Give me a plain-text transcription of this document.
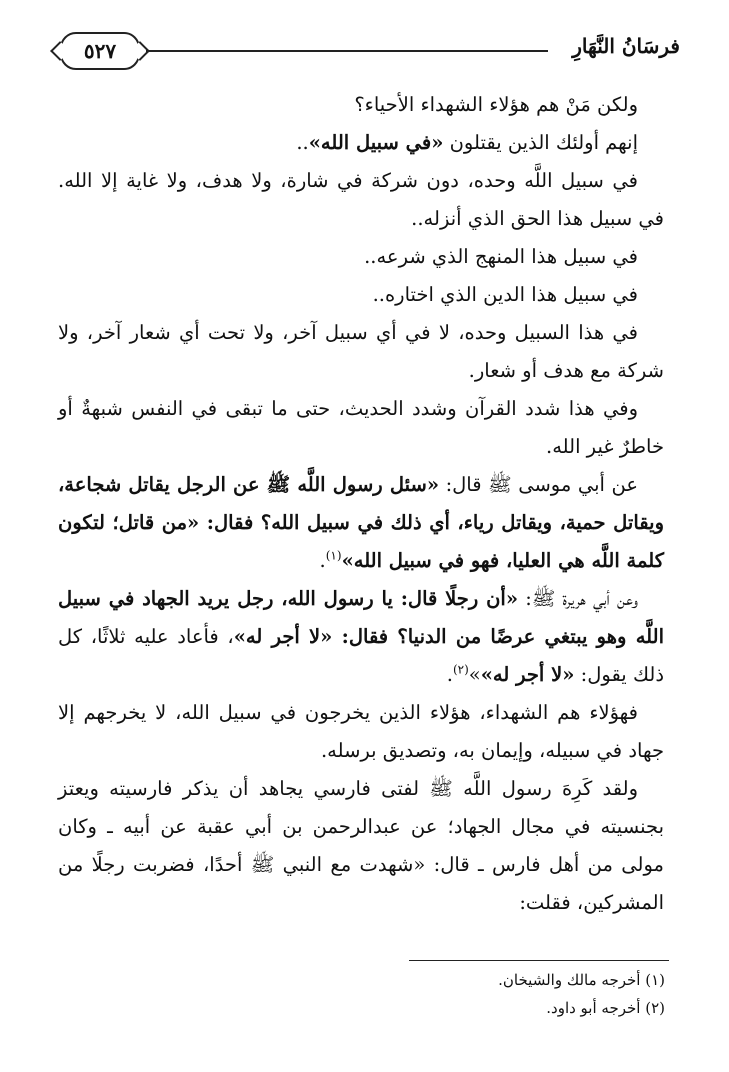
٥٢٧	فرسَانُ النَّهَارِ

ولكن مَنْ هم هؤلاء الشهداء الأحياء؟

إنهم أولئك الذين يقتلون «في سبيل الله»..

في سبيل اللَّه وحده، دون شركة في شارة، ولا هدف، ولا غاية إلا الله. في سبيل هذا الحق الذي أنزله..

في سبيل هذا المنهج الذي شرعه..

في سبيل هذا الدين الذي اختاره..

في هذا السبيل وحده، لا في أي سبيل آخر، ولا تحت أي شعار آخر، ولا شركة مع هدف أو شعار.

وفي هذا شدد القرآن وشدد الحديث، حتى ما تبقى في النفس شبهةٌ أو خاطرٌ غير الله.

عن أبي موسى ﷺ قال: «سئل رسول اللَّه ﷺ عن الرجل يقاتل شجاعة، ويقاتل حمية، ويقاتل رياء، أي ذلك في سبيل الله؟ فقال: «من قاتل؛ لتكون كلمة اللَّه هي العليا، فهو في سبيل الله»$^{(١)}$.

وعن أبي هريرة ﷺ: «أن رجلًا قال: يا رسول الله، رجل يريد الجهاد في سبيل اللَّه وهو يبتغي عرضًا من الدنيا؟ فقال: «لا أجر له»، فأعاد عليه ثلاثًا، كل ذلك يقول: «لا أجر له»»$^{(٢)}$.

فهؤلاء هم الشهداء، هؤلاء الذين يخرجون في سبيل الله، لا يخرجهم إلا جهاد في سبيله، وإيمان به، وتصديق برسله.

ولقد كَرِهَ رسول اللَّه ﷺ لفتى فارسي يجاهد أن يذكر فارسيته ويعتز بجنسيته في مجال الجهاد؛ عن عبدالرحمن بن أبي عقبة عن أبيه ـ وكان مولى من أهل فارس ـ قال: «شهدت مع النبي ﷺ أحدًا، فضربت رجلًا من المشركين، فقلت:

(١) أخرجه مالك والشيخان.
(٢) أخرجه أبو داود.
